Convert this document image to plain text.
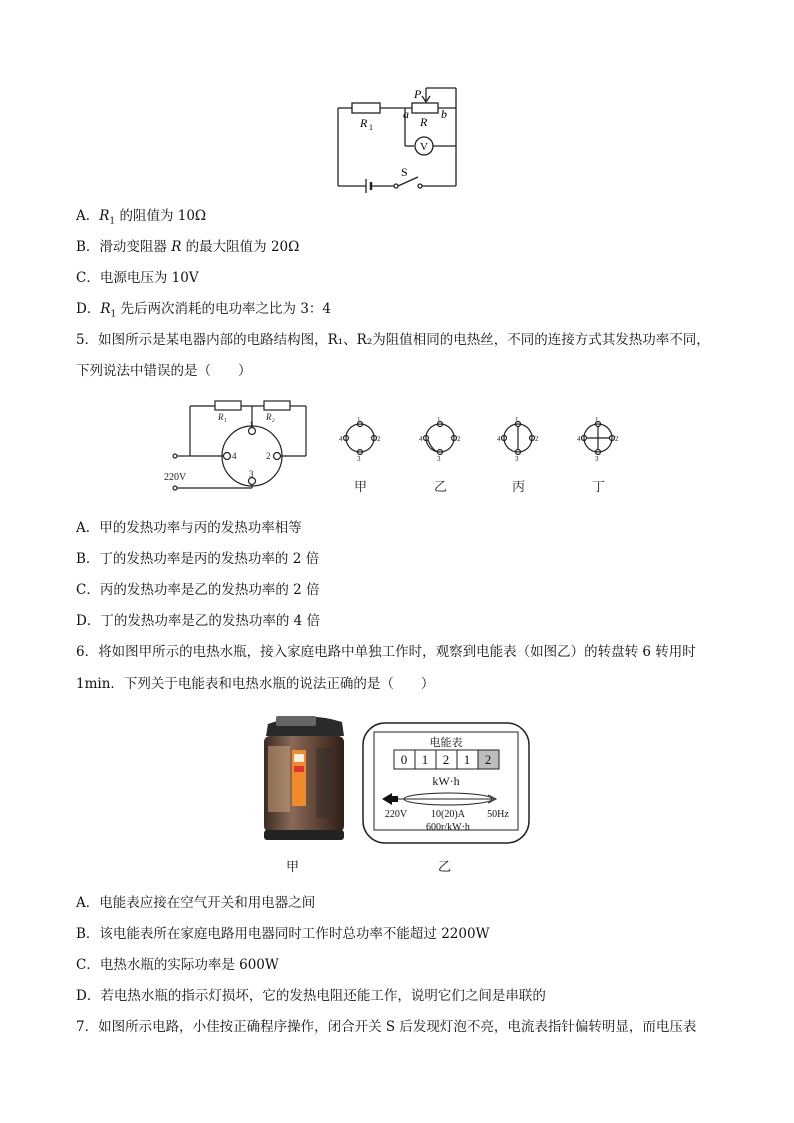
R 1
P
a
R
b
V
S
A．$R_1$ 的阻值为 10Ω
B．滑动变阻器 R 的最大阻值为 20Ω
C．电源电压为 10V
D．$R_1$ 先后两次消耗的电功率之比为 3：4
5．如图所示是某电器内部的电路结构图，R₁、R₂为阻值相同的电热丝，不同的连接方式其发热功率不同，
下列说法中错误的是（　　）
R₁	R₂
1
4	2
3
220V
1
4	2
3
1
4	2
3
1
4	2
3
1
4	2
3
甲	乙	丙	丁
A．甲的发热功率与丙的发热功率相等
B．丁的发热功率是丙的发热功率的 2 倍
C．丙的发热功率是乙的发热功率的 2 倍
D．丁的发热功率是乙的发热功率的 4 倍
6．将如图甲所示的电热水瓶，接入家庭电路中单独工作时，观察到电能表（如图乙）的转盘转 6 转用时
1min．下列关于电能表和电热水瓶的说法正确的是（　　）
电能表
0 1 2 1 2
kW·h
220V 10(20)A 50Hz
600r/kW·h
甲	乙
A．电能表应接在空气开关和用电器之间
B．该电能表所在家庭电路用电器同时工作时总功率不能超过 2200W
C．电热水瓶的实际功率是 600W
D．若电热水瓶的指示灯损坏，它的发热电阻还能工作，说明它们之间是串联的
7．如图所示电路，小佳按正确程序操作，闭合开关 S 后发现灯泡不亮，电流表指针偏转明显，而电压表
